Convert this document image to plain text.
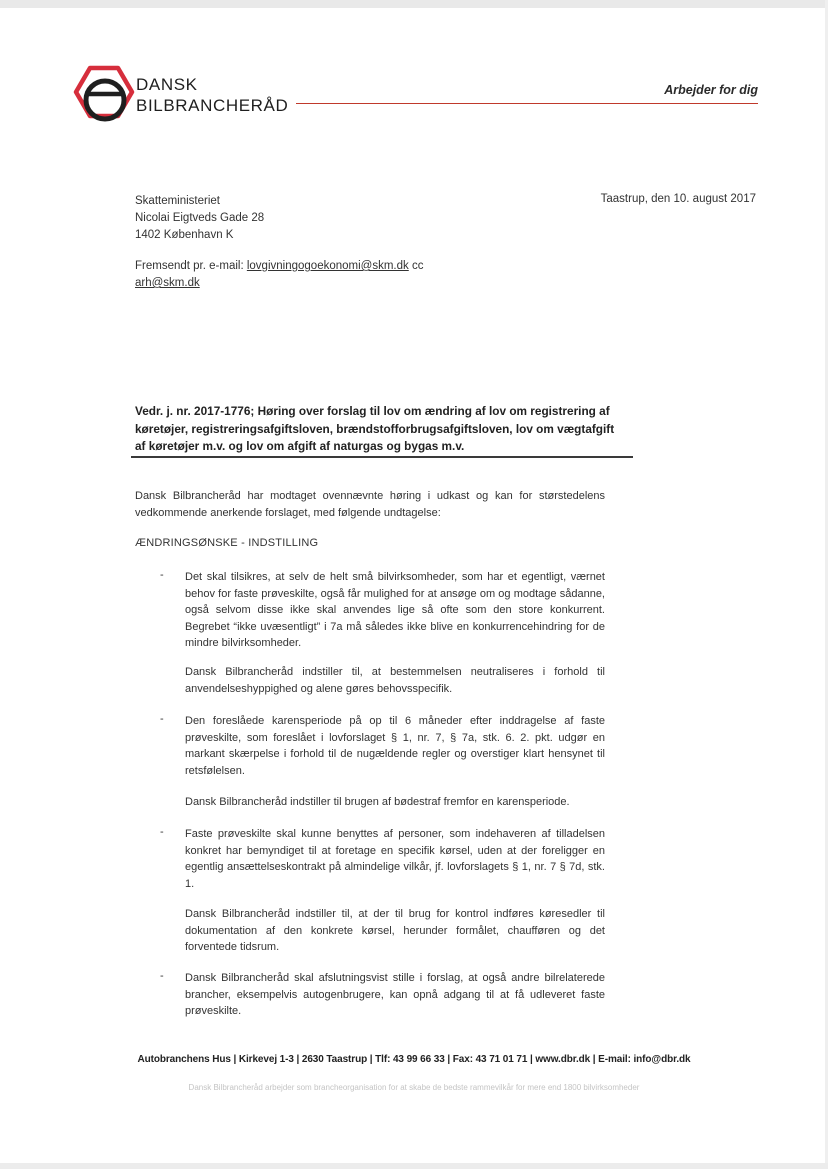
DANSK
BILBRANCHERÅD
Arbejder for dig
Skatteministeriet
Nicolai Eigtveds Gade 28
1402 København K
Taastrup, den 10. august 2017
Fremsendt pr. e-mail: lovgivningogoekonomi@skm.dk cc
arh@skm.dk
Vedr. j. nr. 2017-1776; Høring over forslag til lov om ændring af lov om registrering af køretøjer, registreringsafgiftsloven, brændstofforbrugsafgiftsloven, lov om vægtafgift af køretøjer m.v. og lov om afgift af naturgas og bygas m.v.
Dansk Bilbrancheråd har modtaget ovennævnte høring i udkast og kan for størstedelens vedkommende anerkende forslaget, med følgende undtagelse:
ÆNDRINGSØNSKE - INDSTILLING
- Det skal tilsikres, at selv de helt små bilvirksomheder, som har et egentligt, værnet behov for faste prøveskilte, også får mulighed for at ansøge om og modtage sådanne, også selvom disse ikke skal anvendes lige så ofte som den store konkurrent. Begrebet “ikke uvæsentligt” i 7a må således ikke blive en konkurrencehindring for de mindre bilvirksomheder.
Dansk Bilbrancheråd indstiller til, at bestemmelsen neutraliseres i forhold til anvendelseshyppighed og alene gøres behovsspecifik.
- Den foreslåede karensperiode på op til 6 måneder efter inddragelse af faste prøveskilte, som foreslået i lovforslaget § 1, nr. 7, § 7a, stk. 6. 2. pkt. udgør en markant skærpelse i forhold til de nugældende regler og overstiger klart hensynet til retsfølelsen.
Dansk Bilbrancheråd indstiller til brugen af bødestraf fremfor en karensperiode.
- Faste prøveskilte skal kunne benyttes af personer, som indehaveren af tilladelsen konkret har bemyndiget til at foretage en specifik kørsel, uden at der foreligger en egentlig ansættelseskontrakt på almindelige vilkår, jf. lovforslagets § 1, nr. 7 § 7d, stk. 1.
Dansk Bilbrancheråd indstiller til, at der til brug for kontrol indføres køresedler til dokumentation af den konkrete kørsel, herunder formålet, chaufføren og det forventede tidsrum.
- Dansk Bilbrancheråd skal afslutningsvist stille i forslag, at også andre bilrelaterede brancher, eksempelvis autogenbrugere, kan opnå adgang til at få udleveret faste prøveskilte.
Autobranchens Hus | Kirkevej 1-3 | 2630 Taastrup | Tlf: 43 99 66 33 | Fax: 43 71 01 71 | www.dbr.dk | E-mail: info@dbr.dk
Dansk Bilbrancheråd arbejder som brancheorganisation for at skabe de bedste rammevilkår for mere end 1800 bilvirksomheder
